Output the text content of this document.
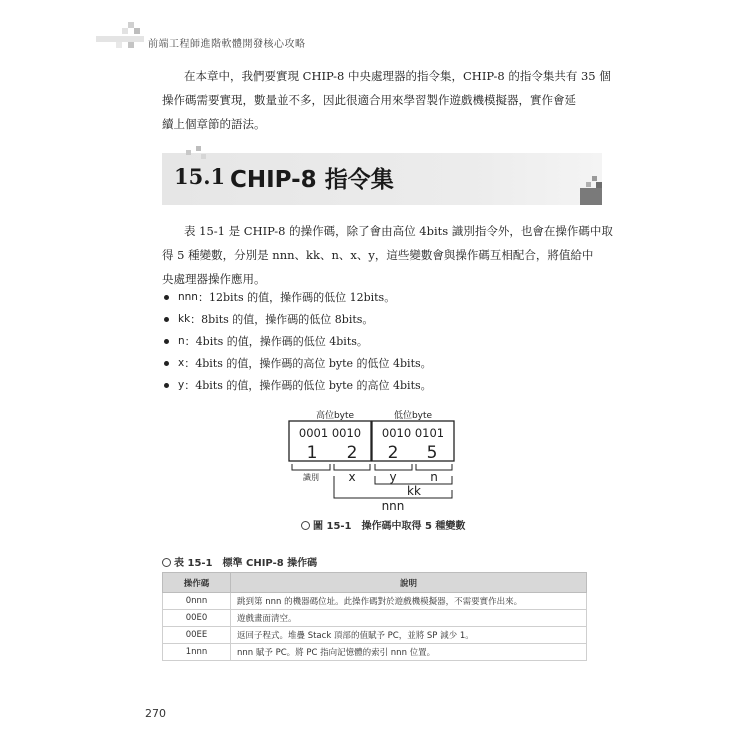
前端工程師進階軟體開發核心攻略
在本章中，我們要實現 CHIP-8 中央處理器的指令集，CHIP-8 的指令集共有 35 個
操作碼需要實現，數量並不多，因此很適合用來學習製作遊戲機模擬器，實作會延
續上個章節的語法。
15.1 CHIP-8 指令集
表 15-1 是 CHIP-8 的操作碼，除了會由高位 4bits 識別指令外，也會在操作碼中取
得 5 種變數，分別是 nnn、kk、n、x、y，這些變數會與操作碼互相配合，將值給中
央處理器操作應用。
nnn ：12bits 的值，操作碼的低位 12bits。
kk ：8bits 的值，操作碼的低位 8bits。
n ：4bits 的值，操作碼的低位 4bits。
x ：4bits 的值，操作碼的高位 byte 的低位 4bits。
y ：4bits 的值，操作碼的低位 byte 的高位 4bits。
高位byte	低位byte
0001 0010 0010 0101
1 2 2 5
識別 x	y	n
kk
nnn
圖 15-1　操作碼中取得 5 種變數
表 15-1　標準 CHIP-8 操作碼
操作碼	說明
0nnn	跳到第 nnn 的機器碼位址。此操作碼對於遊戲機模擬器，不需要實作出來。
00E0	遊戲畫面清空。
00EE	返回子程式。堆疊 Stack 頂部的值賦予 PC，並將 SP 減少 1。
1nnn	nnn 賦予 PC。將 PC 指向記憶體的索引 nnn 位置。
270
